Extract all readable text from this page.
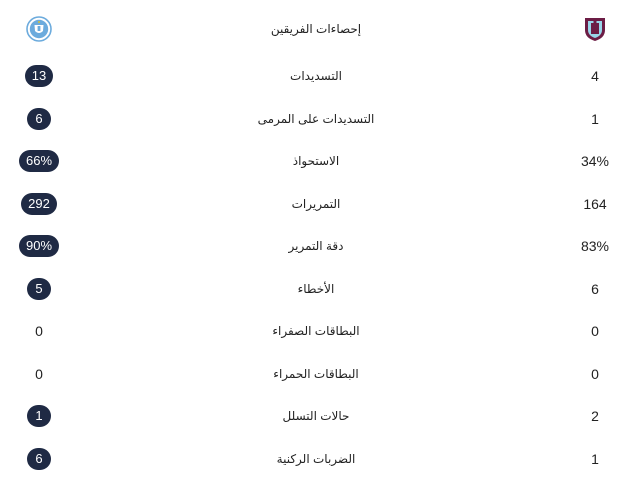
إحصاءات الفريقين
13	التسديدات	4
6	التسديدات على المرمى	1
66%	الاستحواذ	34%
292	التمريرات	164
90%	دقة التمرير	83%
5	الأخطاء	6
0	البطاقات الصفراء	0
0	البطاقات الحمراء	0
1	حالات التسلل	2
6	الضربات الركنية	1
